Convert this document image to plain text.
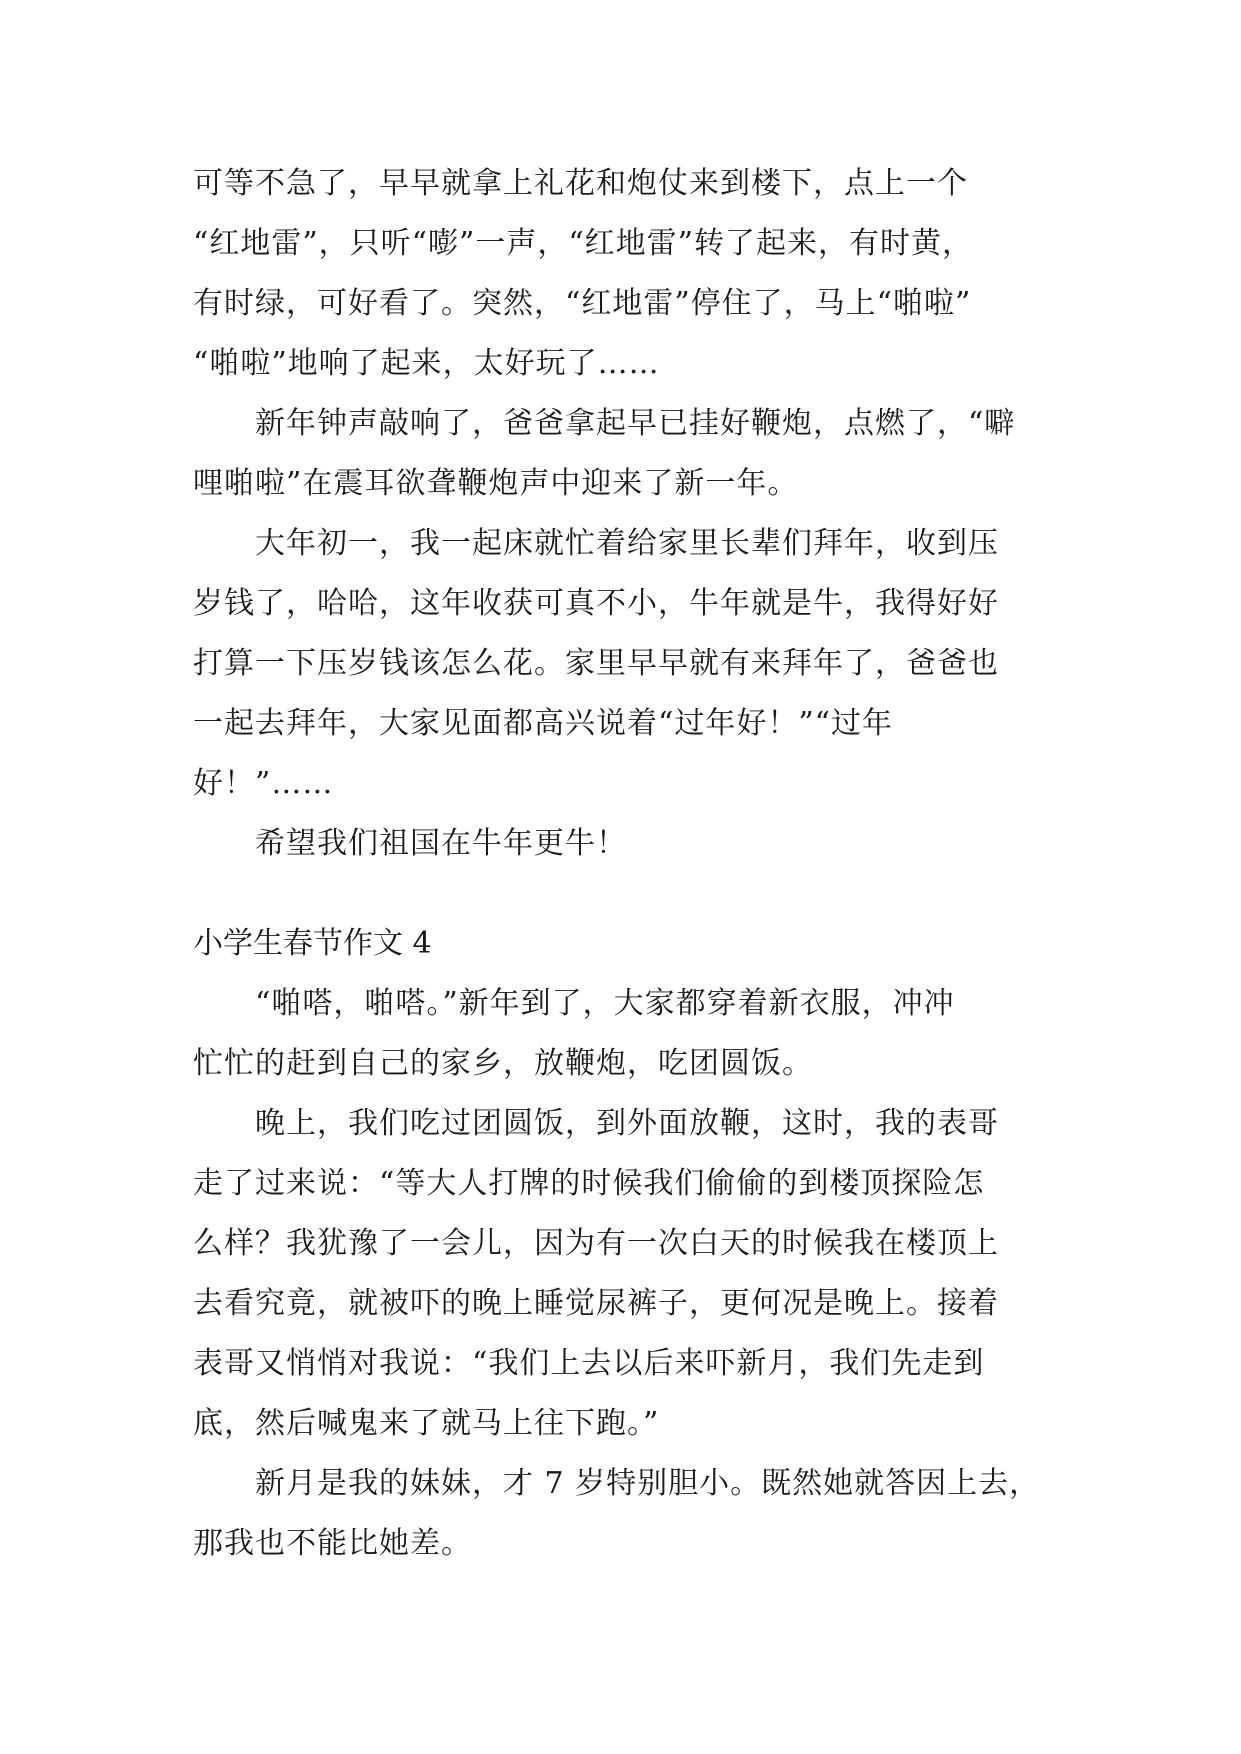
可等不急了，早早就拿上礼花和炮仗来到楼下，点上一个
“红地雷”，只听“嘭”一声，“红地雷”转了起来，有时黄，
有时绿，可好看了。突然，“红地雷”停住了，马上“啪啦”
“啪啦”地响了起来，太好玩了……
新年钟声敲响了，爸爸拿起早已挂好鞭炮，点燃了，“噼
哩啪啦”在震耳欲聋鞭炮声中迎来了新一年。
大年初一，我一起床就忙着给家里长辈们拜年，收到压
岁钱了，哈哈，这年收获可真不小，牛年就是牛，我得好好
打算一下压岁钱该怎么花。家里早早就有来拜年了，爸爸也
一起去拜年，大家见面都高兴说着“过年好！”“过年
好！”……
希望我们祖国在牛年更牛！
小学生春节作文 4
“啪嗒，啪嗒。”新年到了，大家都穿着新衣服，冲冲
忙忙的赶到自己的家乡，放鞭炮，吃团圆饭。
晚上，我们吃过团圆饭，到外面放鞭，这时，我的表哥
走了过来说：“等大人打牌的时候我们偷偷的到楼顶探险怎
么样？我犹豫了一会儿，因为有一次白天的时候我在楼顶上
去看究竟，就被吓的晚上睡觉尿裤子，更何况是晚上。接着
表哥又悄悄对我说：“我们上去以后来吓新月，我们先走到
底，然后喊鬼来了就马上往下跑。”
新月是我的妹妹，才 7 岁特别胆小。既然她就答因上去，
那我也不能比她差。
